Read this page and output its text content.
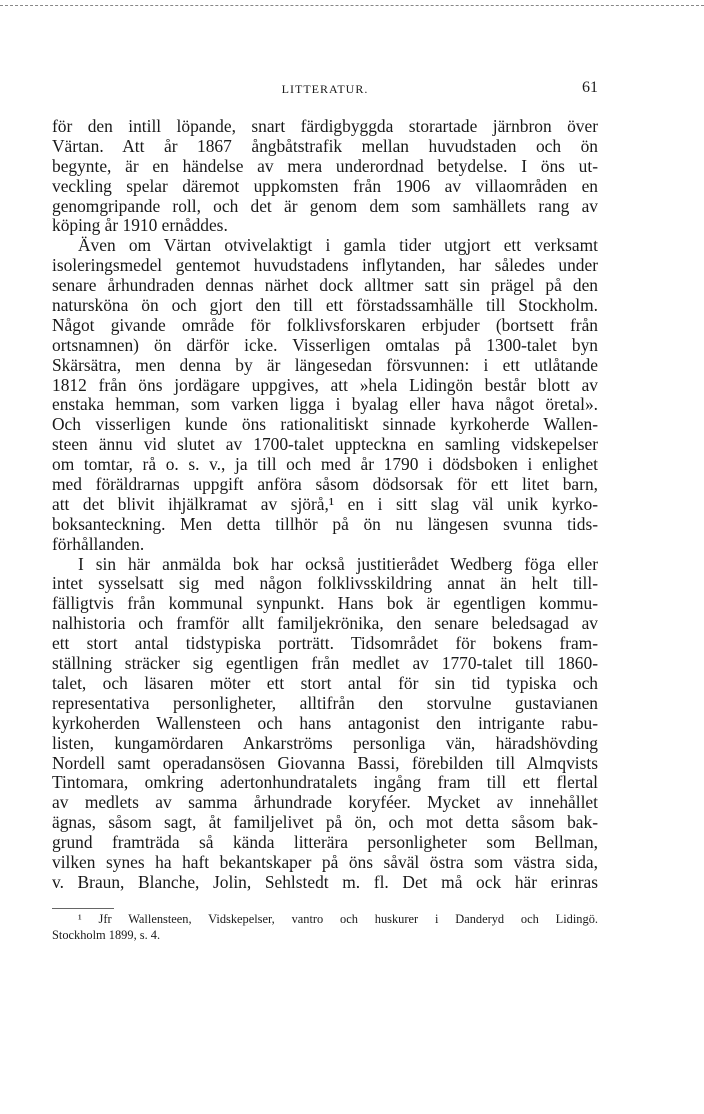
LITTERATUR.	61
för den intill löpande, snart färdigbyggda storartade järnbron över
Värtan. Att år 1867 ångbåtstrafik mellan huvudstaden och ön
begynte, är en händelse av mera underordnad betydelse. I öns ut-
veckling spelar däremot uppkomsten från 1906 av villaområden en
genomgripande roll, och det är genom dem som samhällets rang av
köping år 1910 ernåddes.
Även om Värtan otvivelaktigt i gamla tider utgjort ett verksamt
isoleringsmedel gentemot huvudstadens inflytanden, har således under
senare århundraden dennas närhet dock alltmer satt sin prägel på den
natursköna ön och gjort den till ett förstadssamhälle till Stockholm.
Något givande område för folklivsforskaren erbjuder (bortsett från
ortsnamnen) ön därför icke. Visserligen omtalas på 1300-talet byn
Skärsätra, men denna by är längesedan försvunnen: i ett utlåtande
1812 från öns jordägare uppgives, att »hela Lidingön består blott av
enstaka hemman, som varken ligga i byalag eller hava något öretal».
Och visserligen kunde öns rationalitiskt sinnade kyrkoherde Wallen-
steen ännu vid slutet av 1700-talet uppteckna en samling vidskepelser
om tomtar, rå o. s. v., ja till och med år 1790 i dödsboken i enlighet
med föräldrarnas uppgift anföra såsom dödsorsak för ett litet barn,
att det blivit ihjälkramat av sjörå,¹ en i sitt slag väl unik kyrko-
boksanteckning. Men detta tillhör på ön nu längesen svunna tids-
förhållanden.
I sin här anmälda bok har också justitierådet Wedberg föga eller
intet sysselsatt sig med någon folklivsskildring annat än helt till-
fälligtvis från kommunal synpunkt. Hans bok är egentligen kommu-
nalhistoria och framför allt familjekrönika, den senare beledsagad av
ett stort antal tidstypiska porträtt. Tidsområdet för bokens fram-
ställning sträcker sig egentligen från medlet av 1770-talet till 1860-
talet, och läsaren möter ett stort antal för sin tid typiska och
representativa personligheter, alltifrån den storvulne gustavianen
kyrkoherden Wallensteen och hans antagonist den intrigante rabu-
listen, kungamördaren Ankarströms personliga vän, häradshövding
Nordell samt operadansösen Giovanna Bassi, förebilden till Almqvists
Tintomara, omkring adertonhundratalets ingång fram till ett flertal
av medlets av samma århundrade koryféer. Mycket av innehållet
ägnas, såsom sagt, åt familjelivet på ön, och mot detta såsom bak-
grund framträda så kända litterära personligheter som Bellman,
vilken synes ha haft bekantskaper på öns såväl östra som västra sida,
v. Braun, Blanche, Jolin, Sehlstedt m. fl. Det må ock här erinras
¹ Jfr Wallensteen, Vidskepelser, vantro och huskurer i Danderyd och Lidingö.
Stockholm 1899, s. 4.
